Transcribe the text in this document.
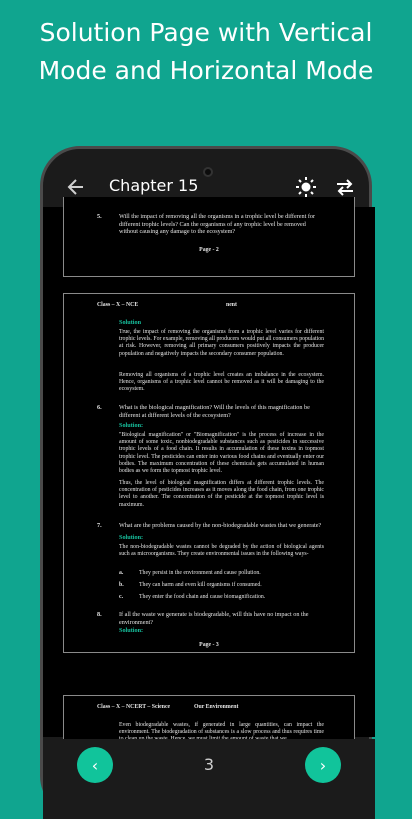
Solution Page with Vertical
Mode and Horizontal Mode
Chapter 15
5.	Will the impact of removing all the organisms in a trophic level be different for different trophic levels? Can the organisms of any trophic level be removed without causing any damage to the ecosystem?
Page - 2
Class – X – NCE	nent
Solution
True, the impact of removing the organisms from a trophic level varies for different trophic levels. For example, removing all producers would put all consumers population at risk. However, removing all primary consumers positively impacts the producer population and negatively impacts the secondary consumer population.
Removing all organisms of a trophic level creates an imbalance in the ecosystem. Hence, organisms of a trophic level cannot be removed as it will be damaging to the ecosystem.
6.	What is the biological magnification? Will the levels of this magnification be different at different levels of the ecosystem?
Solution:
"Biological magnification" or "Biomagnification" is the process of increase in the amount of some toxic, nonbiodegradable substances such as pesticides in successive trophic levels of a food chain. It results in accumulation of these toxins in topmost trophic level. The pesticides can enter into various food chains and eventually enter our bodies. The maximum concentration of these chemicals gets accumulated in human bodies as we form the topmost trophic level.
Thus, the level of biological magnification differs at different trophic levels. The concentration of pesticides increases as it moves along the food chain, from one trophic level to another. The concentration of the pesticide at the topmost trophic level is maximum.
7.	What are the problems caused by the non-biodegradable wastes that we generate?
Solution:
The non-biodegradable wastes cannot be degraded by the action of biological agents such as microorganisms. They create environmental issues in the following ways-
a.	They persist in the environment and cause pollution.
b.	They can harm and even kill organisms if consumed.
c.	They enter the food chain and cause biomagnification.
8.	If all the waste we generate is biodegradable, will this have no impact on the environment?
Solution:
Page - 3
Class – X – NCERT – Science	Our Environment
Even biodegradable wastes, if generated in large quantities, can impact the environment. The biodegradation of substances is a slow process and thus requires time
‹	3	›
